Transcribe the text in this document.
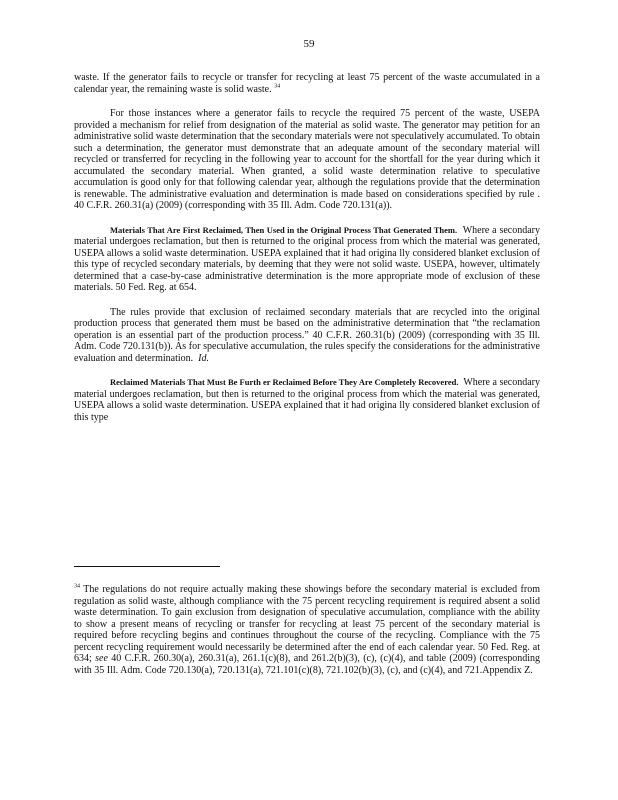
59

waste. If the generator fails to recycle or transfer for recycling at least 75 percent of the waste accumulated in a calendar year, the remaining waste is solid waste. $^{34}$

For those instances where a generator fails to recycle the required 75 percent of the waste, USEPA provided a mechanism for relief from designation of the material as solid waste. The generator may petition for an administrative solid waste determination that the secondary materials were not speculatively accumulated. To obtain such a determination, the generator must demonstrate that an adequate amount of the secondary material will recycled or transferred for recycling in the following year to account for the shortfall for the year during which it accumulated the secondary material. When granted, a solid waste determination relative to speculative accumulation is good only for that following calendar year, although the regulations provide that the determination is renewable. The administrative evaluation and determination is made based on considerations specified by rule . 40 C.F.R. 260.31(a) (2009) (corresponding with 35 Ill. Adm. Code 720.131(a)).

Materials That Are First Reclaimed, Then Used in the Original Process That Generated Them. Where a secondary material undergoes reclamation, but then is returned to the original process from which the material was generated, USEPA allows a solid waste determination. USEPA explained that it had origina lly considered blanket exclusion of this type of recycled secondary materials, by deeming that they were not solid waste. USEPA, however, ultimately determined that a case-by-case administrative determination is the more appropriate mode of exclusion of these materials. 50 Fed. Reg. at 654.

The rules provide that exclusion of reclaimed secondary materials that are recycled into the original production process that generated them must be based on the administrative determination that “the reclamation operation is an essential part of the production process.” 40 C.F.R. 260.31(b) (2009) (corresponding with 35 Ill. Adm. Code 720.131(b)). As for speculative accumulation, the rules specify the considerations for the administrative evaluation and determination. Id.

Reclaimed Materials That Must Be Furth er Reclaimed Before They Are Completely Recovered. Where a secondary material undergoes reclamation, but then is returned to the original process from which the material was generated, USEPA allows a solid waste determination. USEPA explained that it had origina lly considered blanket exclusion of this type

$^{34}$ The regulations do not require actually making these showings before the secondary material is excluded from regulation as solid waste, although compliance with the 75 percent recycling requirement is required absent a solid waste determination. To gain exclusion from designation of speculative accumulation, compliance with the ability to show a present means of recycling or transfer for recycling at least 75 percent of the secondary material is required before recycling begins and continues throughout the course of the recycling. Compliance with the 75 percent recycling requirement would necessarily be determined after the end of each calendar year. 50 Fed. Reg. at 634; see 40 C.F.R. 260.30(a), 260.31(a), 261.1(c)(8), and 261.2(b)(3), (c), (c)(4), and table (2009) (corresponding with 35 Ill. Adm. Code 720.130(a), 720.131(a), 721.101(c)(8), 721.102(b)(3), (c), and (c)(4), and 721.Appendix Z.
